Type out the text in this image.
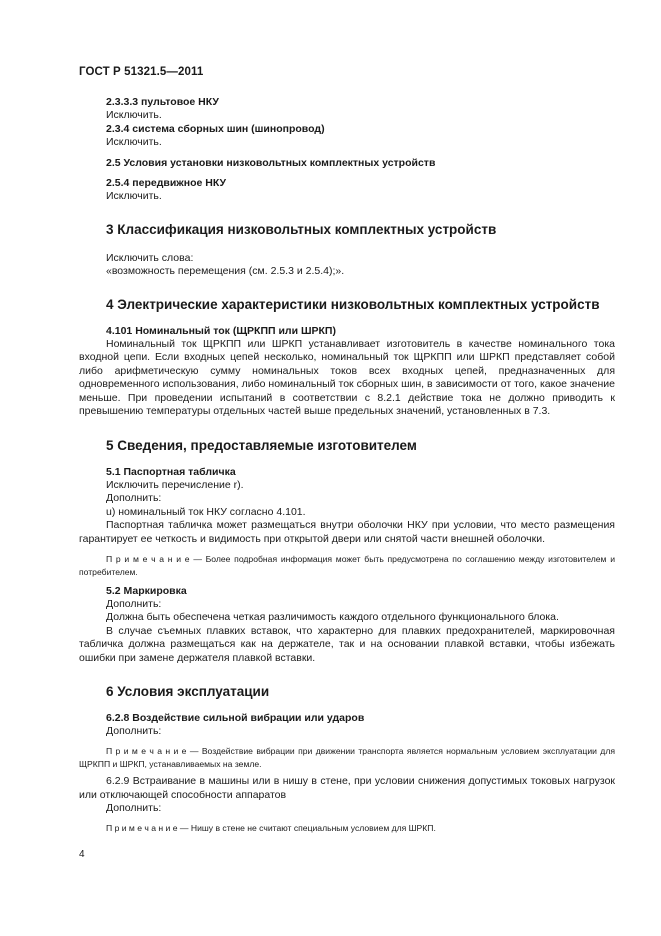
ГОСТ Р 51321.5—2011

2.3.3.3 пультовое НКУ

Исключить.

2.3.4 система сборных шин (шинопровод)

Исключить.

2.5 Условия установки низковольтных комплектных устройств

2.5.4 передвижное НКУ

Исключить.

3 Классификация низковольтных комплектных устройств

Исключить слова:

«возможность перемещения (см. 2.5.3 и 2.5.4);».

4 Электрические характеристики низковольтных комплектных устройств

4.101 Номинальный ток (ЩРКПП или ШРКП)

Номинальный ток ЩРКПП или ШРКП устанавливает изготовитель в качестве номинального тока входной цепи. Если входных цепей несколько, номинальный ток ЩРКПП или ШРКП представляет собой либо арифметическую сумму номинальных токов всех входных цепей, предназначенных для одновременного использования, либо номинальный ток сборных шин, в зависимости от того, какое значение меньше. При проведении испытаний в соответствии с 8.2.1 действие тока не должно приводить к превышению температуры отдельных частей выше предельных значений, установленных в 7.3.

5 Сведения, предоставляемые изготовителем

5.1 Паспортная табличка

Исключить перечисление r).

Дополнить:

u) номинальный ток НКУ согласно 4.101.

Паспортная табличка может размещаться внутри оболочки НКУ при условии, что место размещения гарантирует ее четкость и видимость при открытой двери или снятой части внешней оболочки.

П р и м е ч а н и е — Более подробная информация может быть предусмотрена по соглашению между изготовителем и потребителем.

5.2 Маркировка

Дополнить:

Должна быть обеспечена четкая различимость каждого отдельного функционального блока.

В случае съемных плавких вставок, что характерно для плавких предохранителей, маркировочная табличка должна размещаться как на держателе, так и на основании плавкой вставки, чтобы избежать ошибки при замене держателя плавкой вставки.

6 Условия эксплуатации

6.2.8 Воздействие сильной вибрации или ударов

Дополнить:

П р и м е ч а н и е — Воздействие вибрации при движении транспорта является нормальным условием эксплуатации для ЩРКПП и ШРКП, устанавливаемых на земле.

6.2.9 Встраивание в машины или в нишу в стене, при условии снижения допустимых токовых нагрузок или отключающей способности аппаратов

Дополнить:

П р и м е ч а н и е — Нишу в стене не считают специальным условием для ШРКП.

4
